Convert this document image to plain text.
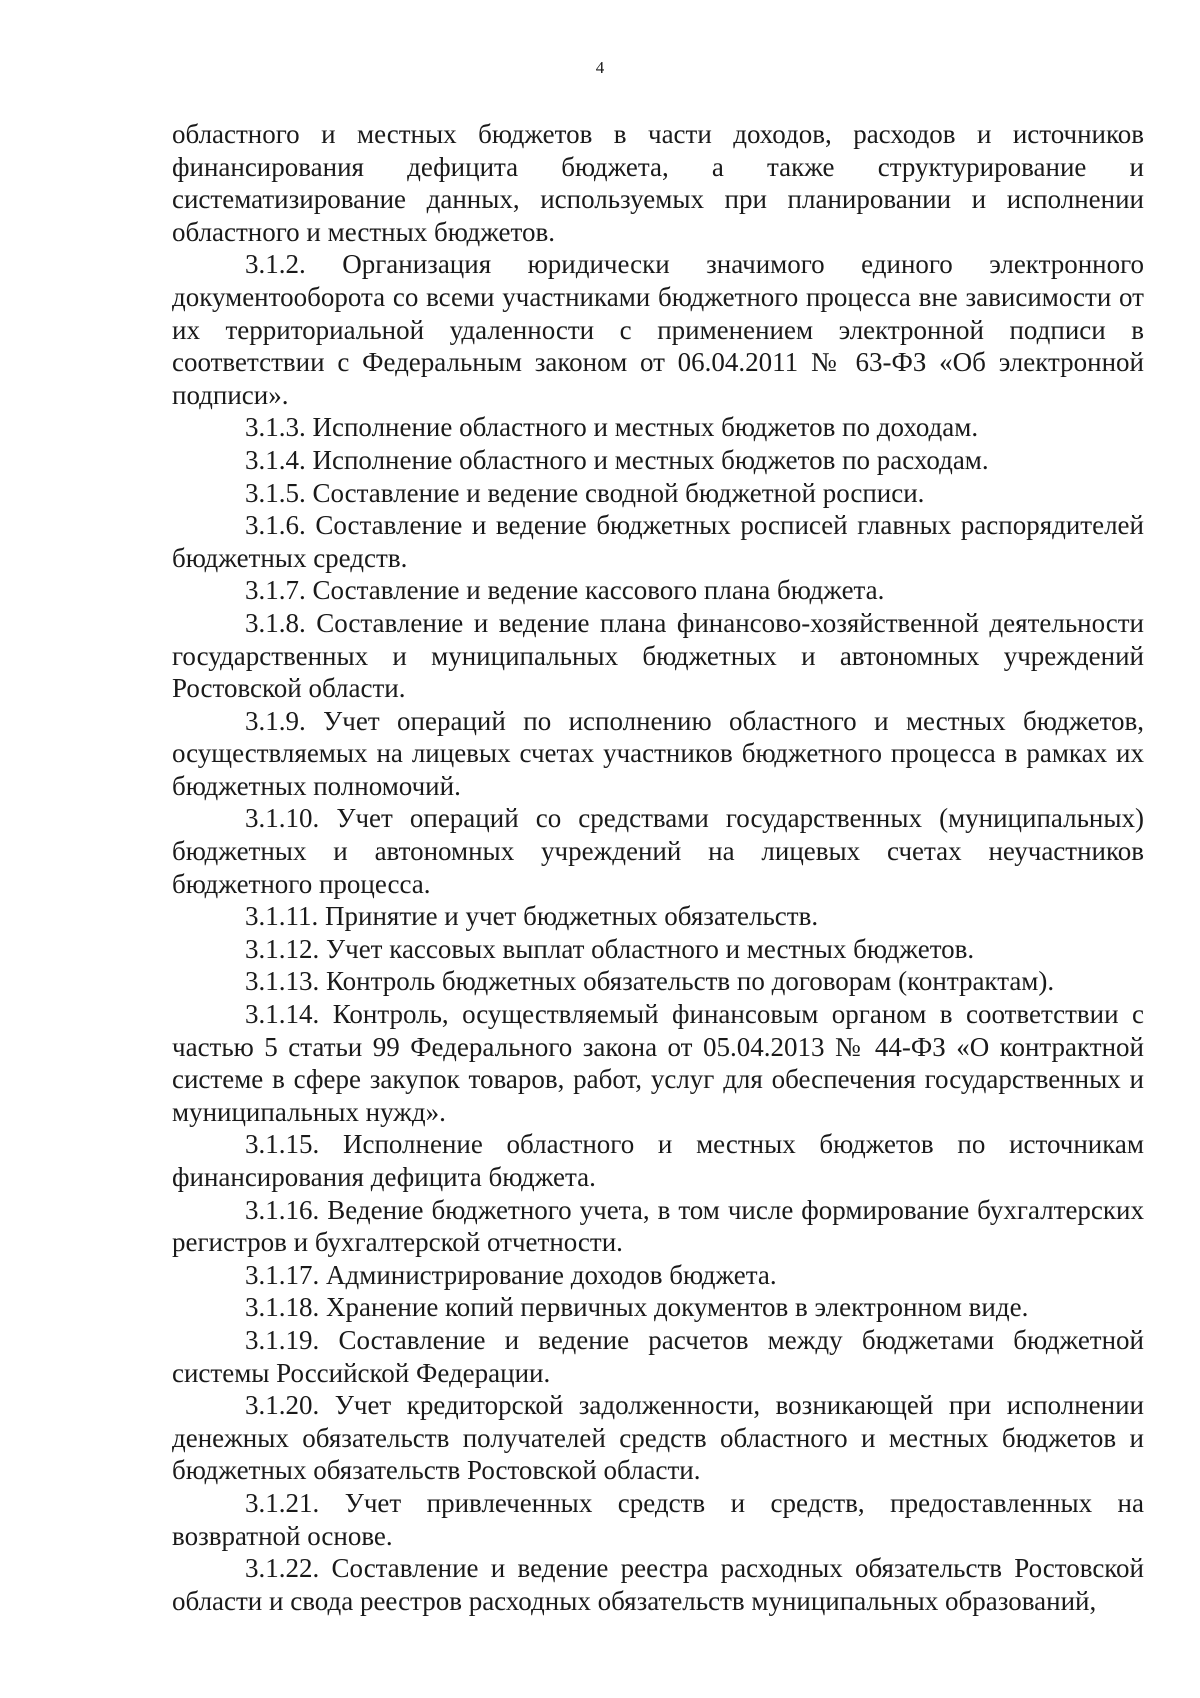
4

областного и местных бюджетов в части доходов, расходов и источников финансирования дефицита бюджета, а также структурирование и систематизирование данных, используемых при планировании и исполнении областного и местных бюджетов.

3.1.2. Организация юридически значимого единого электронного документооборота со всеми участниками бюджетного процесса вне зависимости от их территориальной удаленности с применением электронной подписи в соответствии с Федеральным законом от 06.04.2011 № 63-ФЗ «Об электронной подписи».

3.1.3. Исполнение областного и местных бюджетов по доходам.

3.1.4. Исполнение областного и местных бюджетов по расходам.

3.1.5. Составление и ведение сводной бюджетной росписи.

3.1.6. Составление и ведение бюджетных росписей главных распорядителей бюджетных средств.

3.1.7. Составление и ведение кассового плана бюджета.

3.1.8. Составление и ведение плана финансово-хозяйственной деятельности государственных и муниципальных бюджетных и автономных учреждений Ростовской области.

3.1.9. Учет операций по исполнению областного и местных бюджетов, осуществляемых на лицевых счетах участников бюджетного процесса в рамках их бюджетных полномочий.

3.1.10. Учет операций со средствами государственных (муниципальных) бюджетных и автономных учреждений на лицевых счетах неучастников бюджетного процесса.

3.1.11. Принятие и учет бюджетных обязательств.

3.1.12. Учет кассовых выплат областного и местных бюджетов.

3.1.13. Контроль бюджетных обязательств по договорам (контрактам).

3.1.14. Контроль, осуществляемый финансовым органом в соответствии с частью 5 статьи 99 Федерального закона от 05.04.2013 № 44-ФЗ «О контрактной системе в сфере закупок товаров, работ, услуг для обеспечения государственных и муниципальных нужд».

3.1.15. Исполнение областного и местных бюджетов по источникам финансирования дефицита бюджета.

3.1.16. Ведение бюджетного учета, в том числе формирование бухгалтерских регистров и бухгалтерской отчетности.

3.1.17. Администрирование доходов бюджета.

3.1.18. Хранение копий первичных документов в электронном виде.

3.1.19. Составление и ведение расчетов между бюджетами бюджетной системы Российской Федерации.

3.1.20. Учет кредиторской задолженности, возникающей при исполнении денежных обязательств получателей средств областного и местных бюджетов и бюджетных обязательств Ростовской области.

3.1.21. Учет привлеченных средств и средств, предоставленных на возвратной основе.

3.1.22. Составление и ведение реестра расходных обязательств Ростовской области и свода реестров расходных обязательств муниципальных образований,
